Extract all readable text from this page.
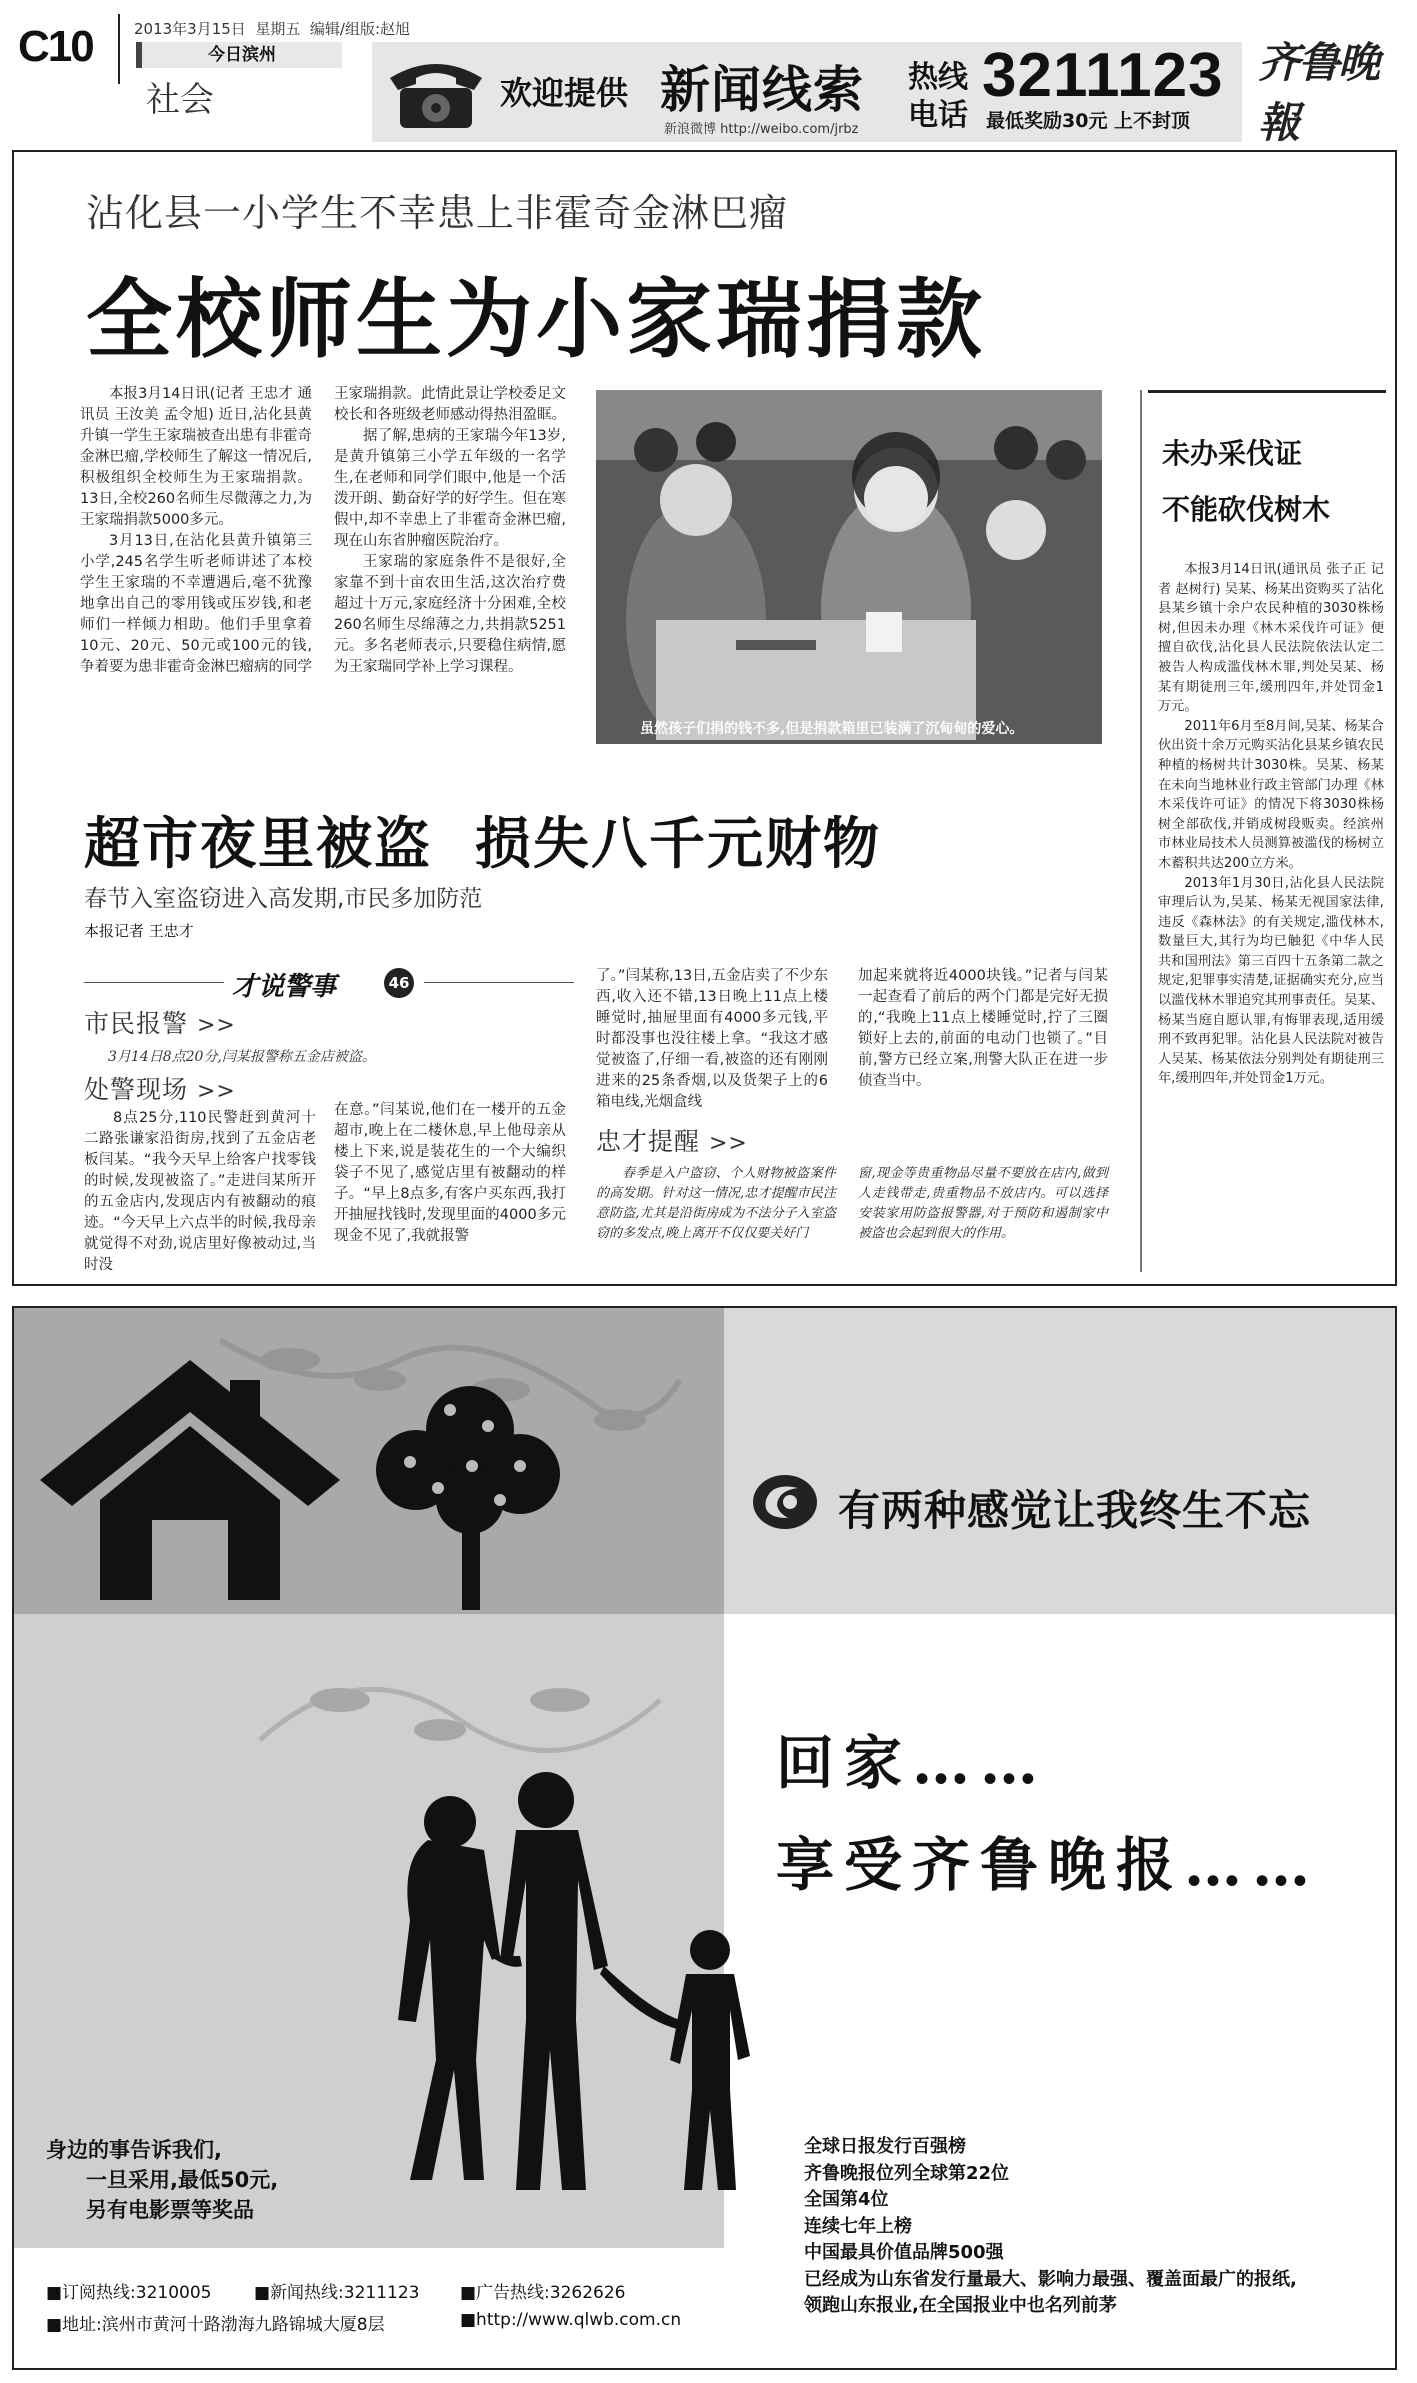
C10	2013年3月15日 星期五 编辑/组版:赵旭
今日滨州
社会	欢迎提供 新闻线索
新浪微博 http://weibo.com/jrbz
热线
电话
3211123
最低奖励30元 上不封顶
齐鲁晚報
沾化县一小学生不幸患上非霍奇金淋巴瘤
全校师生为小家瑞捐款

本报3月14日讯(记者 王忠才 通讯员 王汝美 孟令旭) 近日,沾化县黄升镇一学生王家瑞被查出患有非霍奇金淋巴瘤,学校师生了解这一情况后,积极组织全校师生为王家瑞捐款。13日,全校260名师生尽微薄之力,为王家瑞捐款5000多元。

3月13日,在沾化县黄升镇第三小学,245名学生听老师讲述了本校学生王家瑞的不幸遭遇后,毫不犹豫地拿出自己的零用钱或压岁钱,和老师们一样倾力相助。他们手里拿着10元、20元、50元或100元的钱,争着要为患非霍奇金淋巴瘤病的同学

王家瑞捐款。此情此景让学校委足文校长和各班级老师感动得热泪盈眶。

据了解,患病的王家瑞今年13岁,是黄升镇第三小学五年级的一名学生,在老师和同学们眼中,他是一个活泼开朗、勤奋好学的好学生。但在寒假中,却不幸患上了非霍奇金淋巴瘤,现在山东省肿瘤医院治疗。

王家瑞的家庭条件不是很好,全家靠不到十亩农田生活,这次治疗费超过十万元,家庭经济十分困难,全校260名师生尽绵薄之力,共捐款5251元。多名老师表示,只要稳住病情,愿为王家瑞同学补上学习课程。

虽然孩子们捐的钱不多,但是捐款箱里已装满了沉甸甸的爱心。
未办采伐证
不能砍伐树木

本报3月14日讯(通讯员 张子正 记者 赵树行) 吴某、杨某出资购买了沾化县某乡镇十余户农民种植的3030株杨树,但因未办理《林木采伐许可证》便擅自砍伐,沾化县人民法院依法认定二被告人构成滥伐林木罪,判处吴某、杨某有期徒刑三年,缓刑四年,并处罚金1万元。

2011年6月至8月间,吴某、杨某合伙出资十余万元购买沾化县某乡镇农民种植的杨树共计3030株。吴某、杨某在未向当地林业行政主管部门办理《林木采伐许可证》的情况下将3030株杨树全部砍伐,并销成树段贩卖。经滨州市林业局技术人员测算被滥伐的杨树立木蓄积共达200立方米。

2013年1月30日,沾化县人民法院审理后认为,吴某、杨某无视国家法律,违反《森林法》的有关规定,滥伐林木,数量巨大,其行为均已触犯《中华人民共和国刑法》第三百四十五条第二款之规定,犯罪事实清楚,证据确实充分,应当以滥伐林木罪追究其刑事责任。吴某、杨某当庭自愿认罪,有悔罪表现,适用缓刑不致再犯罪。沾化县人民法院对被告人吴某、杨某依法分别判处有期徒刑三年,缓刑四年,并处罚金1万元。

超市夜里被盗  损失八千元财物
春节入室盗窃进入高发期,市民多加防范
本报记者 王忠才
才说警事	46
市民报警 >>
3月14日8点20分,闫某报警称五金店被盗。
处警现场 >>

8点25分,110民警赶到黄河十二路张谦家沿街房,找到了五金店老板闫某。“我今天早上给客户找零钱的时候,发现被盗了。”走进闫某所开的五金店内,发现店内有被翻动的痕迹。“今天早上六点半的时候,我母亲就觉得不对劲,说店里好像被动过,当时没

在意。”闫某说,他们在一楼开的五金超市,晚上在二楼休息,早上他母亲从楼上下来,说是装花生的一个大编织袋子不见了,感觉店里有被翻动的样子。“早上8点多,有客户买东西,我打开抽屉找钱时,发现里面的4000多元现金不见了,我就报警

了。”闫某称,13日,五金店卖了不少东西,收入还不错,13日晚上11点上楼睡觉时,抽屉里面有4000多元钱,平时都没事也没往楼上拿。“我这才感觉被盗了,仔细一看,被盗的还有刚刚进来的25条香烟,以及货架子上的6箱电线,光烟盒线

加起来就将近4000块钱。”记者与闫某一起查看了前后的两个门都是完好无损的,“我晚上11点上楼睡觉时,拧了三圈锁好上去的,前面的电动门也锁了。”目前,警方已经立案,刑警大队正在进一步侦查当中。

忠才提醒 >>

春季是入户盗窃、个人财物被盗案件的高发期。针对这一情况,忠才提醒市民注意防盗,尤其是沿街房成为不法分子入室盗窃的多发点,晚上离开不仅仅要关好门

窗,现金等贵重物品尽量不要放在店内,做到人走钱带走,贵重物品不放店内。可以选择安装家用防盗报警器,对于预防和遏制家中被盗也会起到很大的作用。

有两种感觉让我终生不忘
回家……
享受齐鲁晚报……
身边的事告诉我们,
一旦采用,最低50元,
另有电影票等奖品
全球日报发行百强榜
齐鲁晚报位列全球第22位
全国第4位
连续七年上榜
中国最具价值品牌500强
已经成为山东省发行量最大、影响力最强、覆盖面最广的报纸,
领跑山东报业,在全国报业中也名列前茅
■订阅热线:3210005 ■新闻热线:3211123 ■广告热线:3262626
■地址:滨州市黄河十路渤海九路锦城大厦8层	■http://www.qlwb.com.cn
